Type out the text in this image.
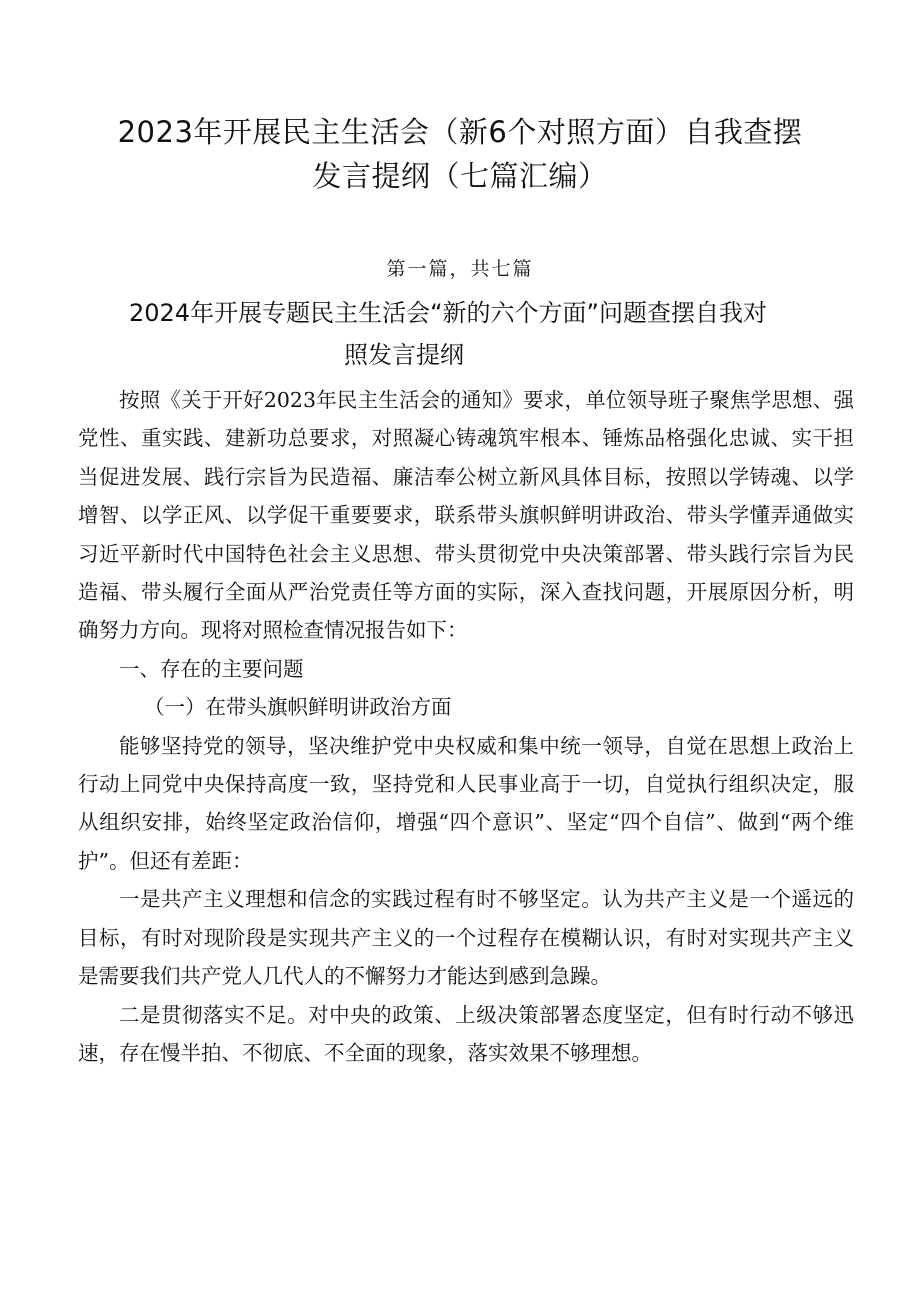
2023年开展民主生活会（新6个对照方面）自我查摆
发言提纲（七篇汇编）
第一篇，共七篇
2024年开展专题民主生活会“新的六个方面”问题查摆自我对
照发言提纲

按照《关于开好2023年民主生活会的通知》要求，单位领导班子聚焦学思想、强党性、重实践、建新功总要求，对照凝心铸魂筑牢根本、锤炼品格强化忠诚、实干担当促进发展、践行宗旨为民造福、廉洁奉公树立新风具体目标，按照以学铸魂、以学增智、以学正风、以学促干重要要求，联系带头旗帜鲜明讲政治、带头学懂弄通做实习近平新时代中国特色社会主义思想、带头贯彻党中央决策部署、带头践行宗旨为民造福、带头履行全面从严治党责任等方面的实际，深入查找问题，开展原因分析，明确努力方向。现将对照检查情况报告如下：

一、存在的主要问题

（一）在带头旗帜鲜明讲政治方面

能够坚持党的领导，坚决维护党中央权威和集中统一领导，自觉在思想上政治上行动上同党中央保持高度一致，坚持党和人民事业高于一切，自觉执行组织决定，服从组织安排，始终坚定政治信仰，增强“四个意识”、坚定“四个自信”、做到“两个维护”。但还有差距：

一是共产主义理想和信念的实践过程有时不够坚定。认为共产主义是一个遥远的目标，有时对现阶段是实现共产主义的一个过程存在模糊认识，有时对实现共产主义是需要我们共产党人几代人的不懈努力才能达到感到急躁。

二是贯彻落实不足。对中央的政策、上级决策部署态度坚定，但有时行动不够迅速，存在慢半拍、不彻底、不全面的现象，落实效果不够理想。
